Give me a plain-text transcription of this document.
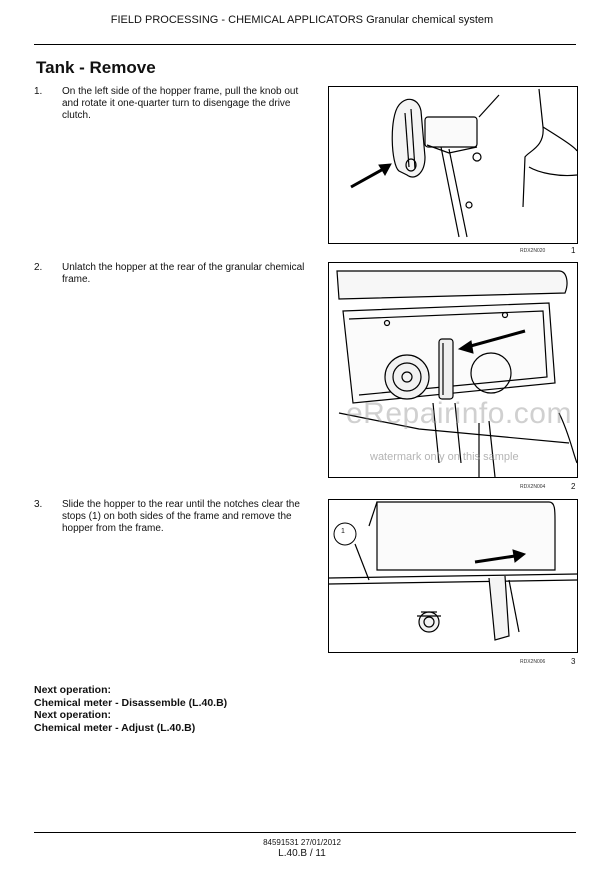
FIELD PROCESSING - CHEMICAL APPLICATORS Granular chemical system
Tank - Remove
1. On the left side of the hopper frame, pull the knob out and rotate it one-quarter turn to disengage the drive clutch.
2. Unlatch the hopper at the rear of the granular chemical frame.
3. Slide the hopper to the rear until the notches clear the stops (1) on both sides of the frame and remove the hopper from the frame.
RDX2N020	1
RDX2N004	2
1
RDX2N006	3
eRepairinfo.com
watermark only on this sample
Next operation:
Chemical meter - Disassemble (L.40.B)
Next operation:
Chemical meter - Adjust (L.40.B)
84591531 27/01/2012
L.40.B / 11
